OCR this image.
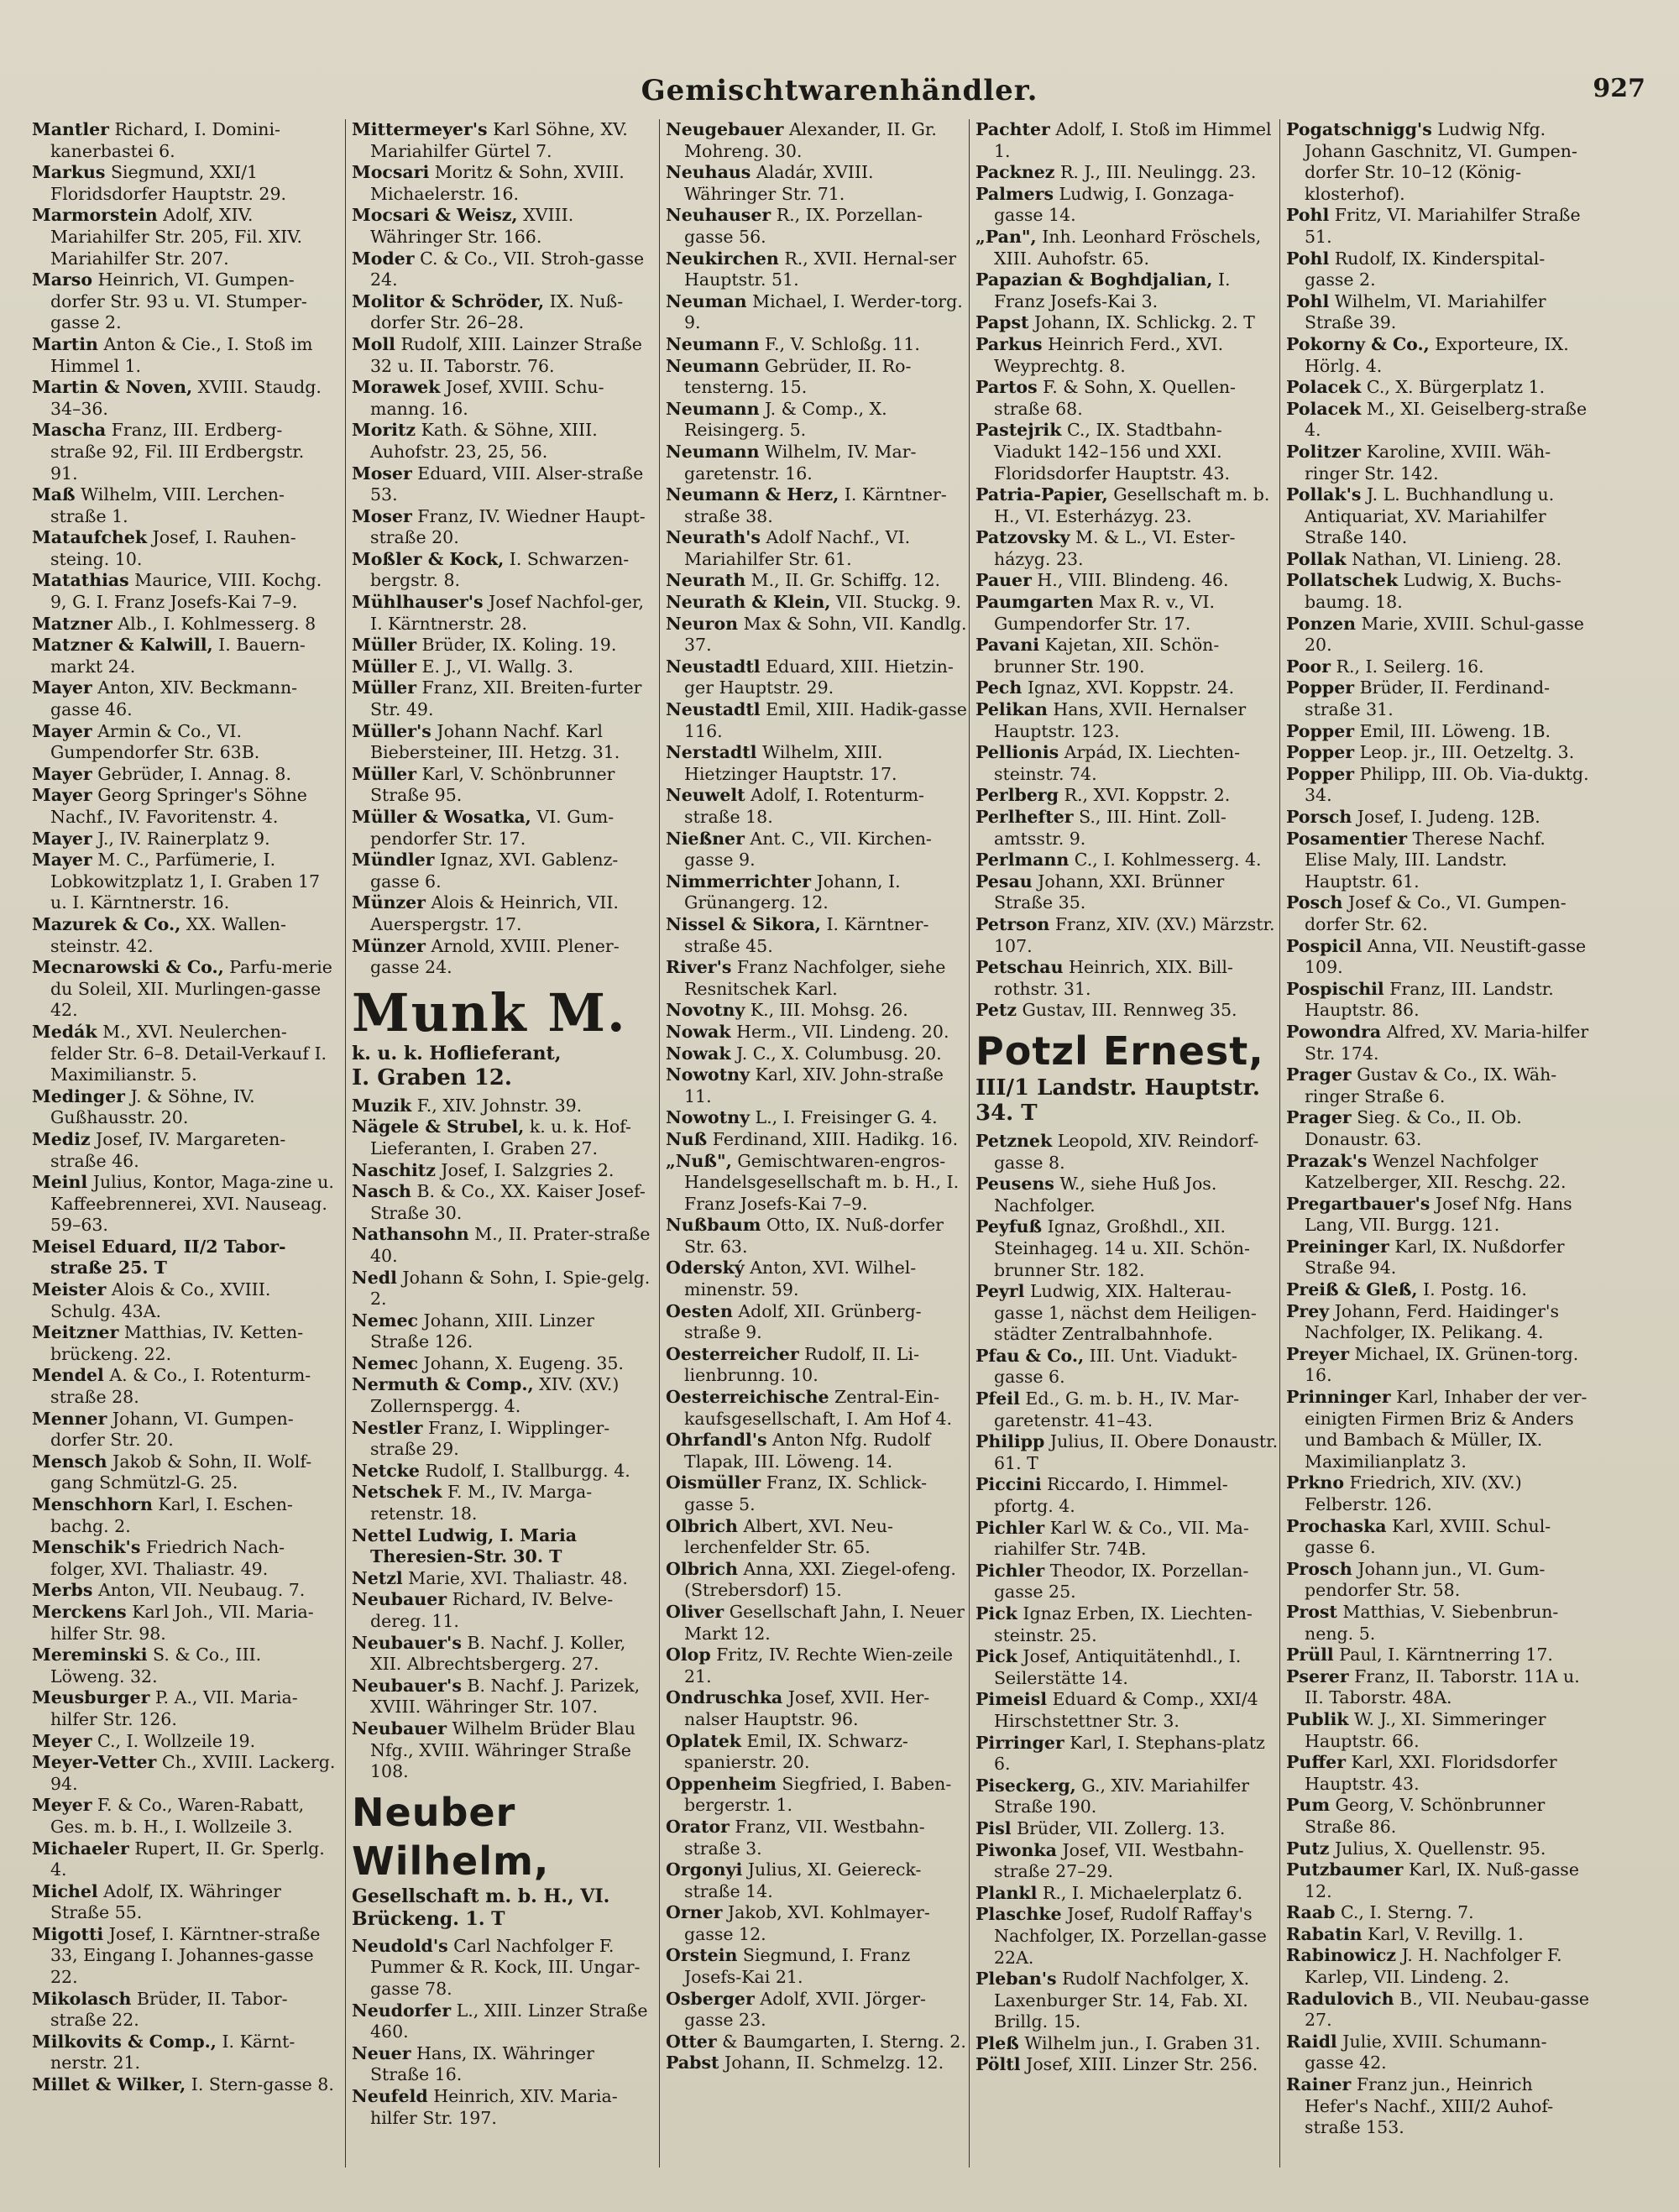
Gemischtwarenhändler.	927

Mantler Richard, I. Domini-kanerbastei 6.

Markus Siegmund, XXI/1 Floridsdorfer Hauptstr. 29.

Marmorstein Adolf, XIV. Mariahilfer Str. 205, Fil. XIV. Mariahilfer Str. 207.

Marso Heinrich, VI. Gumpen-dorfer Str. 93 u. VI. Stumper-gasse 2.

Martin Anton & Cie., I. Stoß im Himmel 1.

Martin & Noven, XVIII. Staudg. 34–36.

Mascha Franz, III. Erdberg-straße 92, Fil. III Erdbergstr. 91.

Maß Wilhelm, VIII. Lerchen-straße 1.

Mataufchek Josef, I. Rauhen-steing. 10.

Matathias Maurice, VIII. Kochg. 9, G. I. Franz Josefs-Kai 7–9.

Matzner Alb., I. Kohlmesserg. 8

Matzner & Kalwill, I. Bauern-markt 24.

Mayer Anton, XIV. Beckmann-gasse 46.

Mayer Armin & Co., VI. Gumpendorfer Str. 63B.

Mayer Gebrüder, I. Annag. 8.

Mayer Georg Springer's Söhne Nachf., IV. Favoritenstr. 4.

Mayer J., IV. Rainerplatz 9.

Mayer M. C., Parfümerie, I. Lobkowitzplatz 1, I. Graben 17 u. I. Kärntnerstr. 16.

Mazurek & Co., XX. Wallen-steinstr. 42.

Mecnarowski & Co., Parfu-merie du Soleil, XII. Murlingen-gasse 42.

Medák M., XVI. Neulerchen-felder Str. 6–8. Detail-Verkauf I. Maximilianstr. 5.

Medinger J. & Söhne, IV. Gußhausstr. 20.

Mediz Josef, IV. Margareten-straße 46.

Meinl Julius, Kontor, Maga-zine u. Kaffeebrennerei, XVI. Nauseag. 59–63.

Meisel Eduard, II/2 Tabor-straße 25. T

Meister Alois & Co., XVIII. Schulg. 43A.

Meitzner Matthias, IV. Ketten-brückeng. 22.

Mendel A. & Co., I. Rotenturm-straße 28.

Menner Johann, VI. Gumpen-dorfer Str. 20.

Mensch Jakob & Sohn, II. Wolf-gang Schmützl-G. 25.

Menschhorn Karl, I. Eschen-bachg. 2.

Menschik's Friedrich Nach-folger, XVI. Thaliastr. 49.

Merbs Anton, VII. Neubaug. 7.

Merckens Karl Joh., VII. Maria-hilfer Str. 98.

Mereminski S. & Co., III. Löweng. 32.

Meusburger P. A., VII. Maria-hilfer Str. 126.

Meyer C., I. Wollzeile 19.

Meyer-Vetter Ch., XVIII. Lackerg. 94.

Meyer F. & Co., Waren-Rabatt, Ges. m. b. H., I. Wollzeile 3.

Michaeler Rupert, II. Gr. Sperlg. 4.

Michel Adolf, IX. Währinger Straße 55.

Migotti Josef, I. Kärntner-straße 33, Eingang I. Johannes-gasse 22.

Mikolasch Brüder, II. Tabor-straße 22.

Milkovits & Comp., I. Kärnt-nerstr. 21.

Millet & Wilker, I. Stern-gasse 8.

Mittermeyer's Karl Söhne, XV. Mariahilfer Gürtel 7.

Mocsari Moritz & Sohn, XVIII. Michaelerstr. 16.

Mocsari & Weisz, XVIII. Währinger Str. 166.

Moder C. & Co., VII. Stroh-gasse 24.

Molitor & Schröder, IX. Nuß-dorfer Str. 26–28.

Moll Rudolf, XIII. Lainzer Straße 32 u. II. Taborstr. 76.

Morawek Josef, XVIII. Schu-manng. 16.

Moritz Kath. & Söhne, XIII. Auhofstr. 23, 25, 56.

Moser Eduard, VIII. Alser-straße 53.

Moser Franz, IV. Wiedner Haupt-straße 20.

Moßler & Kock, I. Schwarzen-bergstr. 8.

Mühlhauser's Josef Nachfol-ger, I. Kärntnerstr. 28.

Müller Brüder, IX. Koling. 19.

Müller E. J., VI. Wallg. 3.

Müller Franz, XII. Breiten-furter Str. 49.

Müller's Johann Nachf. Karl Biebersteiner, III. Hetzg. 31.

Müller Karl, V. Schönbrunner Straße 95.

Müller & Wosatka, VI. Gum-pendorfer Str. 17.

Mündler Ignaz, XVI. Gablenz-gasse 6.

Münzer Alois & Heinrich, VII. Auerspergstr. 17.

Münzer Arnold, XVIII. Plener-gasse 24.

Munk M.
k. u. k. Hoflieferant,
I. Graben 12.

Muzik F., XIV. Johnstr. 39.

Nägele & Strubel, k. u. k. Hof-Lieferanten, I. Graben 27.

Naschitz Josef, I. Salzgries 2.

Nasch B. & Co., XX. Kaiser Josef-Straße 30.

Nathansohn M., II. Prater-straße 40.

Nedl Johann & Sohn, I. Spie-gelg. 2.

Nemec Johann, XIII. Linzer Straße 126.

Nemec Johann, X. Eugeng. 35.

Nermuth & Comp., XIV. (XV.) Zollernspergg. 4.

Nestler Franz, I. Wipplinger-straße 29.

Netcke Rudolf, I. Stallburgg. 4.

Netschek F. M., IV. Marga-retenstr. 18.

Nettel Ludwig, I. Maria Theresien-Str. 30. T

Netzl Marie, XVI. Thaliastr. 48.

Neubauer Richard, IV. Belve-dereg. 11.

Neubauer's B. Nachf. J. Koller, XII. Albrechtsbergerg. 27.

Neubauer's B. Nachf. J. Parizek, XVIII. Währinger Str. 107.

Neubauer Wilhelm Brüder Blau Nfg., XVIII. Währinger Straße 108.

Neuber Wilhelm,
Gesellschaft m. b. H., VI. Brückeng. 1. T

Neudold's Carl Nachfolger F. Pummer & R. Kock, III. Ungar-gasse 78.

Neudorfer L., XIII. Linzer Straße 460.

Neuer Hans, IX. Währinger Straße 16.

Neufeld Heinrich, XIV. Maria-hilfer Str. 197.

Neugebauer Alexander, II. Gr. Mohreng. 30.

Neuhaus Aladár, XVIII. Währinger Str. 71.

Neuhauser R., IX. Porzellan-gasse 56.

Neukirchen R., XVII. Hernal-ser Hauptstr. 51.

Neuman Michael, I. Werder-torg. 9.

Neumann F., V. Schloßg. 11.

Neumann Gebrüder, II. Ro-tensterng. 15.

Neumann J. & Comp., X. Reisingerg. 5.

Neumann Wilhelm, IV. Mar-garetenstr. 16.

Neumann & Herz, I. Kärntner-straße 38.

Neurath's Adolf Nachf., VI. Mariahilfer Str. 61.

Neurath M., II. Gr. Schiffg. 12.

Neurath & Klein, VII. Stuckg. 9.

Neuron Max & Sohn, VII. Kandlg. 37.

Neustadtl Eduard, XIII. Hietzin-ger Hauptstr. 29.

Neustadtl Emil, XIII. Hadik-gasse 116.

Nerstadtl Wilhelm, XIII. Hietzinger Hauptstr. 17.

Neuwelt Adolf, I. Rotenturm-straße 18.

Nießner Ant. C., VII. Kirchen-gasse 9.

Nimmerrichter Johann, I. Grünangerg. 12.

Nissel & Sikora, I. Kärntner-straße 45.

River's Franz Nachfolger, siehe Resnitschek Karl.

Novotny K., III. Mohsg. 26.

Nowak Herm., VII. Lindeng. 20.

Nowak J. C., X. Columbusg. 20.

Nowotny Karl, XIV. John-straße 11.

Nowotny L., I. Freisinger G. 4.

Nuß Ferdinand, XIII. Hadikg. 16.

„Nuß", Gemischtwaren-engros-Handelsgesellschaft m. b. H., I. Franz Josefs-Kai 7–9.

Nußbaum Otto, IX. Nuß-dorfer Str. 63.

Oderský Anton, XVI. Wilhel-minenstr. 59.

Oesten Adolf, XII. Grünberg-straße 9.

Oesterreicher Rudolf, II. Li-lienbrunng. 10.

Oesterreichische Zentral-Ein-kaufsgesellschaft, I. Am Hof 4.

Ohrfandl's Anton Nfg. Rudolf Tlapak, III. Löweng. 14.

Oismüller Franz, IX. Schlick-gasse 5.

Olbrich Albert, XVI. Neu-lerchenfelder Str. 65.

Olbrich Anna, XXI. Ziegel-ofeng. (Strebersdorf) 15.

Oliver Gesellschaft Jahn, I. Neuer Markt 12.

Olop Fritz, IV. Rechte Wien-zeile 21.

Ondruschka Josef, XVII. Her-nalser Hauptstr. 96.

Oplatek Emil, IX. Schwarz-spanierstr. 20.

Oppenheim Siegfried, I. Baben-bergerstr. 1.

Orator Franz, VII. Westbahn-straße 3.

Orgonyi Julius, XI. Geiereck-straße 14.

Orner Jakob, XVI. Kohlmayer-gasse 12.

Orstein Siegmund, I. Franz Josefs-Kai 21.

Osberger Adolf, XVII. Jörger-gasse 23.

Otter & Baumgarten, I. Sterng. 2.

Pabst Johann, II. Schmelzg. 12.

Pachter Adolf, I. Stoß im Himmel 1.

Packnez R. J., III. Neulingg. 23.

Palmers Ludwig, I. Gonzaga-gasse 14.

„Pan", Inh. Leonhard Fröschels, XIII. Auhofstr. 65.

Papazian & Boghdjalian, I. Franz Josefs-Kai 3.

Papst Johann, IX. Schlickg. 2. T

Parkus Heinrich Ferd., XVI. Weyprechtg. 8.

Partos F. & Sohn, X. Quellen-straße 68.

Pastejrik C., IX. Stadtbahn-Viadukt 142–156 und XXI. Floridsdorfer Hauptstr. 43.

Patria-Papier, Gesellschaft m. b. H., VI. Esterházyg. 23.

Patzovsky M. & L., VI. Ester-házyg. 23.

Pauer H., VIII. Blindeng. 46.

Paumgarten Max R. v., VI. Gumpendorfer Str. 17.

Pavani Kajetan, XII. Schön-brunner Str. 190.

Pech Ignaz, XVI. Koppstr. 24.

Pelikan Hans, XVII. Hernalser Hauptstr. 123.

Pellionis Arpád, IX. Liechten-steinstr. 74.

Perlberg R., XVI. Koppstr. 2.

Perlhefter S., III. Hint. Zoll-amtsstr. 9.

Perlmann C., I. Kohlmesserg. 4.

Pesau Johann, XXI. Brünner Straße 35.

Petrson Franz, XIV. (XV.) Märzstr. 107.

Petschau Heinrich, XIX. Bill-rothstr. 31.

Petz Gustav, III. Rennweg 35.

Potzl Ernest,
III/1 Landstr. Hauptstr. 34. T

Petznek Leopold, XIV. Reindorf-gasse 8.

Peusens W., siehe Huß Jos. Nachfolger.

Peyfuß Ignaz, Großhdl., XII. Steinhageg. 14 u. XII. Schön-brunner Str. 182.

Peyrl Ludwig, XIX. Halterau-gasse 1, nächst dem Heiligen-städter Zentralbahnhofe.

Pfau & Co., III. Unt. Viadukt-gasse 6.

Pfeil Ed., G. m. b. H., IV. Mar-garetenstr. 41–43.

Philipp Julius, II. Obere Donaustr. 61. T

Piccini Riccardo, I. Himmel-pfortg. 4.

Pichler Karl W. & Co., VII. Ma-riahilfer Str. 74B.

Pichler Theodor, IX. Porzellan-gasse 25.

Pick Ignaz Erben, IX. Liechten-steinstr. 25.

Pick Josef, Antiquitätenhdl., I. Seilerstätte 14.

Pimeisl Eduard & Comp., XXI/4 Hirschstettner Str. 3.

Pirringer Karl, I. Stephans-platz 6.

Piseckerg, G., XIV. Mariahilfer Straße 190.

Pisl Brüder, VII. Zollerg. 13.

Piwonka Josef, VII. Westbahn-straße 27–29.

Plankl R., I. Michaelerplatz 6.

Plaschke Josef, Rudolf Raffay's Nachfolger, IX. Porzellan-gasse 22A.

Pleban's Rudolf Nachfolger, X. Laxenburger Str. 14, Fab. XI. Brillg. 15.

Pleß Wilhelm jun., I. Graben 31.

Pöltl Josef, XIII. Linzer Str. 256.

Pogatschnigg's Ludwig Nfg. Johann Gaschnitz, VI. Gumpen-dorfer Str. 10–12 (König-klosterhof).

Pohl Fritz, VI. Mariahilfer Straße 51.

Pohl Rudolf, IX. Kinderspital-gasse 2.

Pohl Wilhelm, VI. Mariahilfer Straße 39.

Pokorny & Co., Exporteure, IX. Hörlg. 4.

Polacek C., X. Bürgerplatz 1.

Polacek M., XI. Geiselberg-straße 4.

Politzer Karoline, XVIII. Wäh-ringer Str. 142.

Pollak's J. L. Buchhandlung u. Antiquariat, XV. Mariahilfer Straße 140.

Pollak Nathan, VI. Linieng. 28.

Pollatschek Ludwig, X. Buchs-baumg. 18.

Ponzen Marie, XVIII. Schul-gasse 20.

Poor R., I. Seilerg. 16.

Popper Brüder, II. Ferdinand-straße 31.

Popper Emil, III. Löweng. 1B.

Popper Leop. jr., III. Oetzeltg. 3.

Popper Philipp, III. Ob. Via-duktg. 34.

Porsch Josef, I. Judeng. 12B.

Posamentier Therese Nachf. Elise Maly, III. Landstr. Hauptstr. 61.

Posch Josef & Co., VI. Gumpen-dorfer Str. 62.

Pospicil Anna, VII. Neustift-gasse 109.

Pospischil Franz, III. Landstr. Hauptstr. 86.

Powondra Alfred, XV. Maria-hilfer Str. 174.

Prager Gustav & Co., IX. Wäh-ringer Straße 6.

Prager Sieg. & Co., II. Ob. Donaustr. 63.

Prazak's Wenzel Nachfolger Katzelberger, XII. Reschg. 22.

Pregartbauer's Josef Nfg. Hans Lang, VII. Burgg. 121.

Preininger Karl, IX. Nußdorfer Straße 94.

Preiß & Gleß, I. Postg. 16.

Prey Johann, Ferd. Haidinger's Nachfolger, IX. Pelikang. 4.

Preyer Michael, IX. Grünen-torg. 16.

Prinninger Karl, Inhaber der ver-einigten Firmen Briz & Anders und Bambach & Müller, IX. Maximilianplatz 3.

Prkno Friedrich, XIV. (XV.) Felberstr. 126.

Prochaska Karl, XVIII. Schul-gasse 6.

Prosch Johann jun., VI. Gum-pendorfer Str. 58.

Prost Matthias, V. Siebenbrun-neng. 5.

Prüll Paul, I. Kärntnerring 17.

Pserer Franz, II. Taborstr. 11A u. II. Taborstr. 48A.

Publik W. J., XI. Simmeringer Hauptstr. 66.

Puffer Karl, XXI. Floridsdorfer Hauptstr. 43.

Pum Georg, V. Schönbrunner Straße 86.

Putz Julius, X. Quellenstr. 95.

Putzbaumer Karl, IX. Nuß-gasse 12.

Raab C., I. Sterng. 7.

Rabatin Karl, V. Revillg. 1.

Rabinowicz J. H. Nachfolger F. Karlep, VII. Lindeng. 2.

Radulovich B., VII. Neubau-gasse 27.

Raidl Julie, XVIII. Schumann-gasse 42.

Rainer Franz jun., Heinrich Hefer's Nachf., XIII/2 Auhof-straße 153.
